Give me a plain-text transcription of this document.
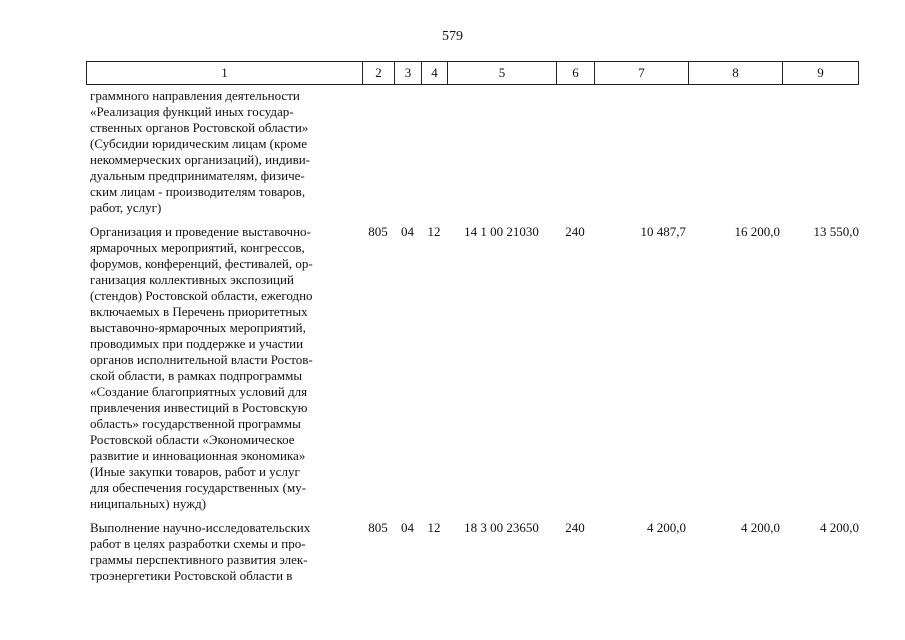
579
1	2	3	4	5	6	7	8	9
граммного направления деятельности
«Реализация функций иных государ-
ственных органов Ростовской области»
(Субсидии юридическим лицам (кроме
некоммерческих организаций), индиви-
дуальным предпринимателям, физиче-
ским лицам - производителям товаров,
работ, услуг)
Организация и проведение выставочно-
ярмарочных мероприятий, конгрессов,
форумов, конференций, фестивалей, ор-
ганизация коллективных экспозиций
(стендов) Ростовской области, ежегодно
включаемых в Перечень приоритетных
выставочно-ярмарочных мероприятий,
проводимых при поддержке и участии
органов исполнительной власти Ростов-
ской области, в рамках подпрограммы
«Создание благоприятных условий для
привлечения инвестиций в Ростовскую
область» государственной программы
Ростовской области «Экономическое
развитие и инновационная экономика»
(Иные закупки товаров, работ и услуг
для обеспечения государственных (му-
ниципальных) нужд)
805	04	12	14 1 00 21030	240	10 487,7	16 200,0	13 550,0
Выполнение научно-исследовательских
работ в целях разработки схемы и про-
граммы перспективного развития элек-
троэнергетики Ростовской области в
805	04	12	18 3 00 23650	240	4 200,0	4 200,0	4 200,0
